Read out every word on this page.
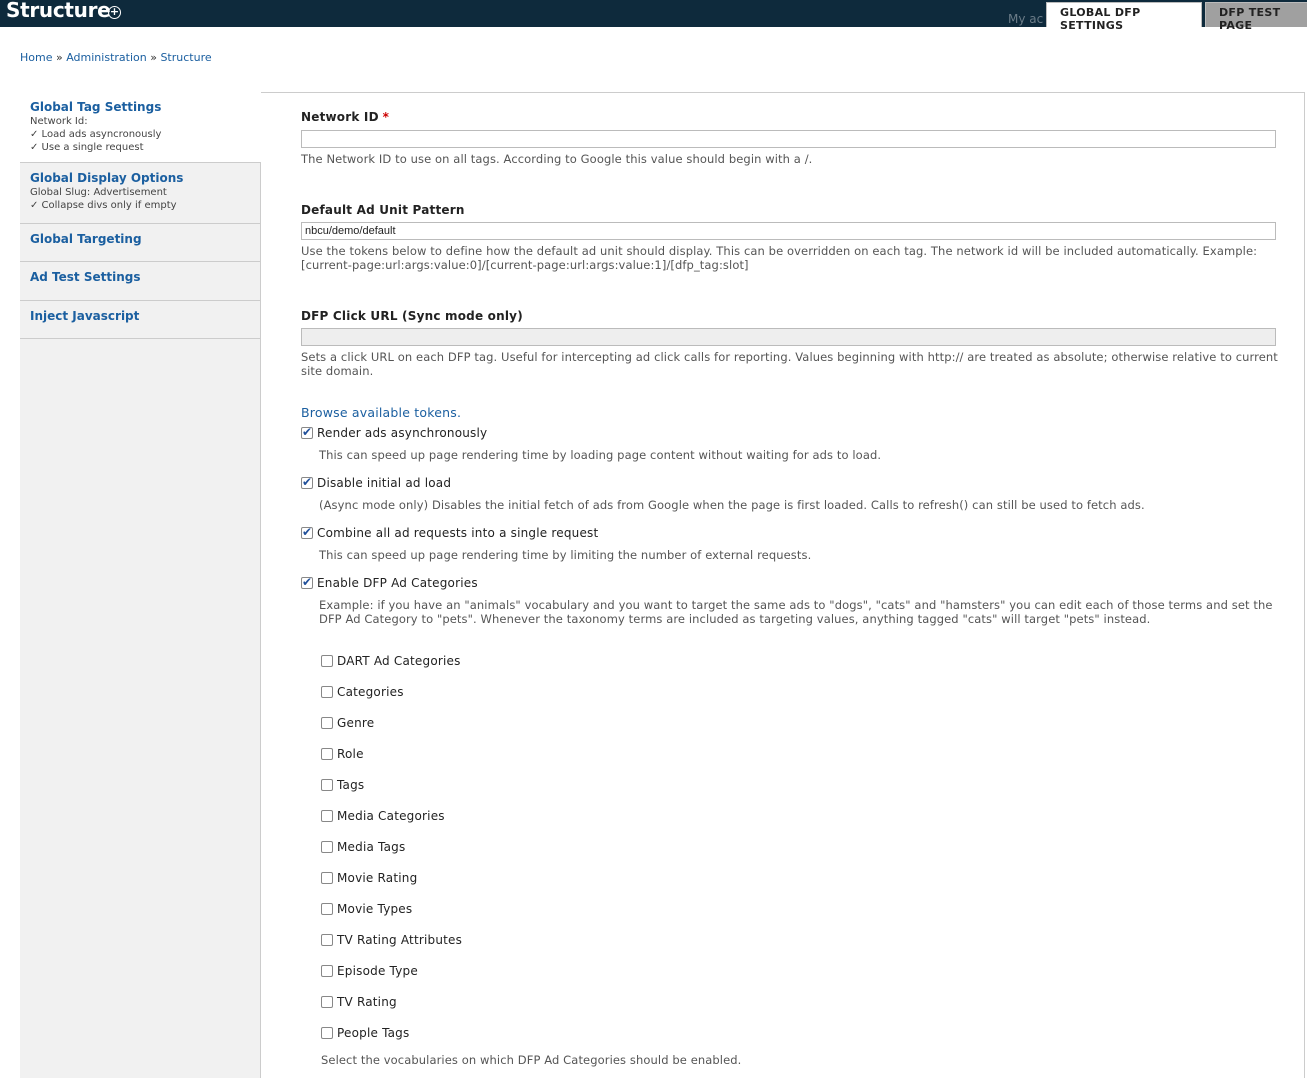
Structure +
My ac	GLOBAL DFP SETTINGS
DFP TEST PAGE
Home » Administration » Structure
Global Tag Settings
Network Id:
✓ Load ads asyncronously
✓ Use a single request
Global Display Options
Global Slug: Advertisement
✓ Collapse divs only if empty
Global Targeting
Ad Test Settings
Inject Javascript
Network ID *
The Network ID to use on all tags. According to Google this value should begin with a /.
Default Ad Unit Pattern
nbcu/demo/default
Use the tokens below to define how the default ad unit should display. This can be overridden on each tag. The network id will be included automatically. Example:
[current-page:url:args:value:0]/[current-page:url:args:value:1]/[dfp_tag:slot]
DFP Click URL (Sync mode only)
Sets a click URL on each DFP tag. Useful for intercepting ad click calls for reporting. Values beginning with http:// are treated as absolute; otherwise relative to current
site domain.
Browse available tokens.
✔Render ads asynchronously
This can speed up page rendering time by loading page content without waiting for ads to load.
✔Disable initial ad load
(Async mode only) Disables the initial fetch of ads from Google when the page is first loaded. Calls to refresh() can still be used to fetch ads.
✔Combine all ad requests into a single request
This can speed up page rendering time by limiting the number of external requests.
✔Enable DFP Ad Categories
Example: if you have an "animals" vocabulary and you want to target the same ads to "dogs", "cats" and "hamsters" you can edit each of those terms and set the
DFP Ad Category to "pets". Whenever the taxonomy terms are included as targeting values, anything tagged "cats" will target "pets" instead.
DART Ad Categories
Categories
Genre
Role
Tags
Media Categories
Media Tags
Movie Rating
Movie Types
TV Rating Attributes
Episode Type
TV Rating
People Tags
Select the vocabularies on which DFP Ad Categories should be enabled.
